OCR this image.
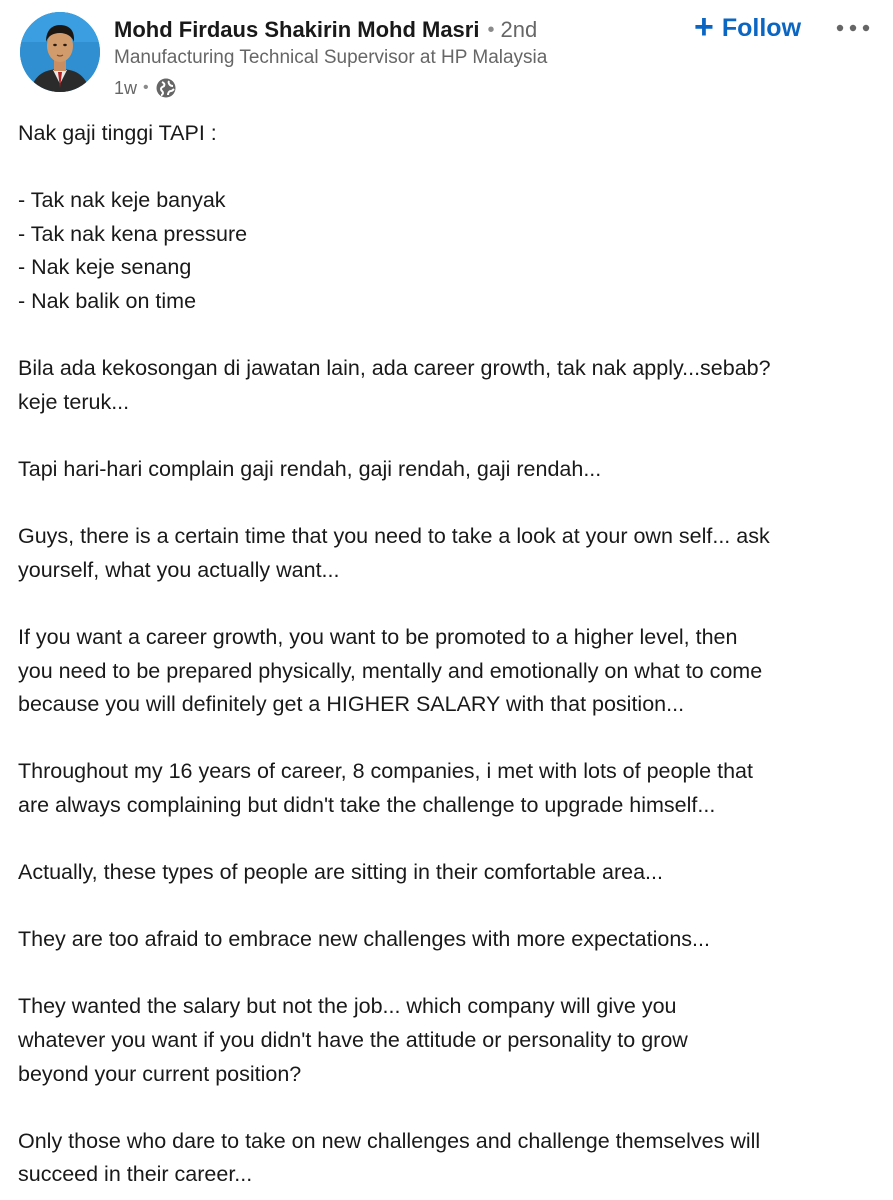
Mohd Firdaus Shakirin Mohd Masri • 2nd
Manufacturing Technical Supervisor at HP Malaysia
1w •
+ Follow

Nak gaji tinggi TAPI :

- Tak nak keje banyak

- Tak nak kena pressure

- Nak keje senang

- Nak balik on time

Bila ada kekosongan di jawatan lain, ada career growth, tak nak apply...sebab?

keje teruk...

Tapi hari-hari complain gaji rendah, gaji rendah, gaji rendah...

Guys, there is a certain time that you need to take a look at your own self... ask

yourself, what you actually want...

If you want a career growth, you want to be promoted to a higher level, then

you need to be prepared physically, mentally and emotionally on what to come

because you will definitely get a HIGHER SALARY with that position...

Throughout my 16 years of career, 8 companies, i met with lots of people that

are always complaining but didn't take the challenge to upgrade himself...

Actually, these types of people are sitting in their comfortable area...

They are too afraid to embrace new challenges with more expectations...

They wanted the salary but not the job... which company will give you

whatever you want if you didn't have the attitude or personality to grow

beyond your current position?

Only those who dare to take on new challenges and challenge themselves will

succeed in their career...
